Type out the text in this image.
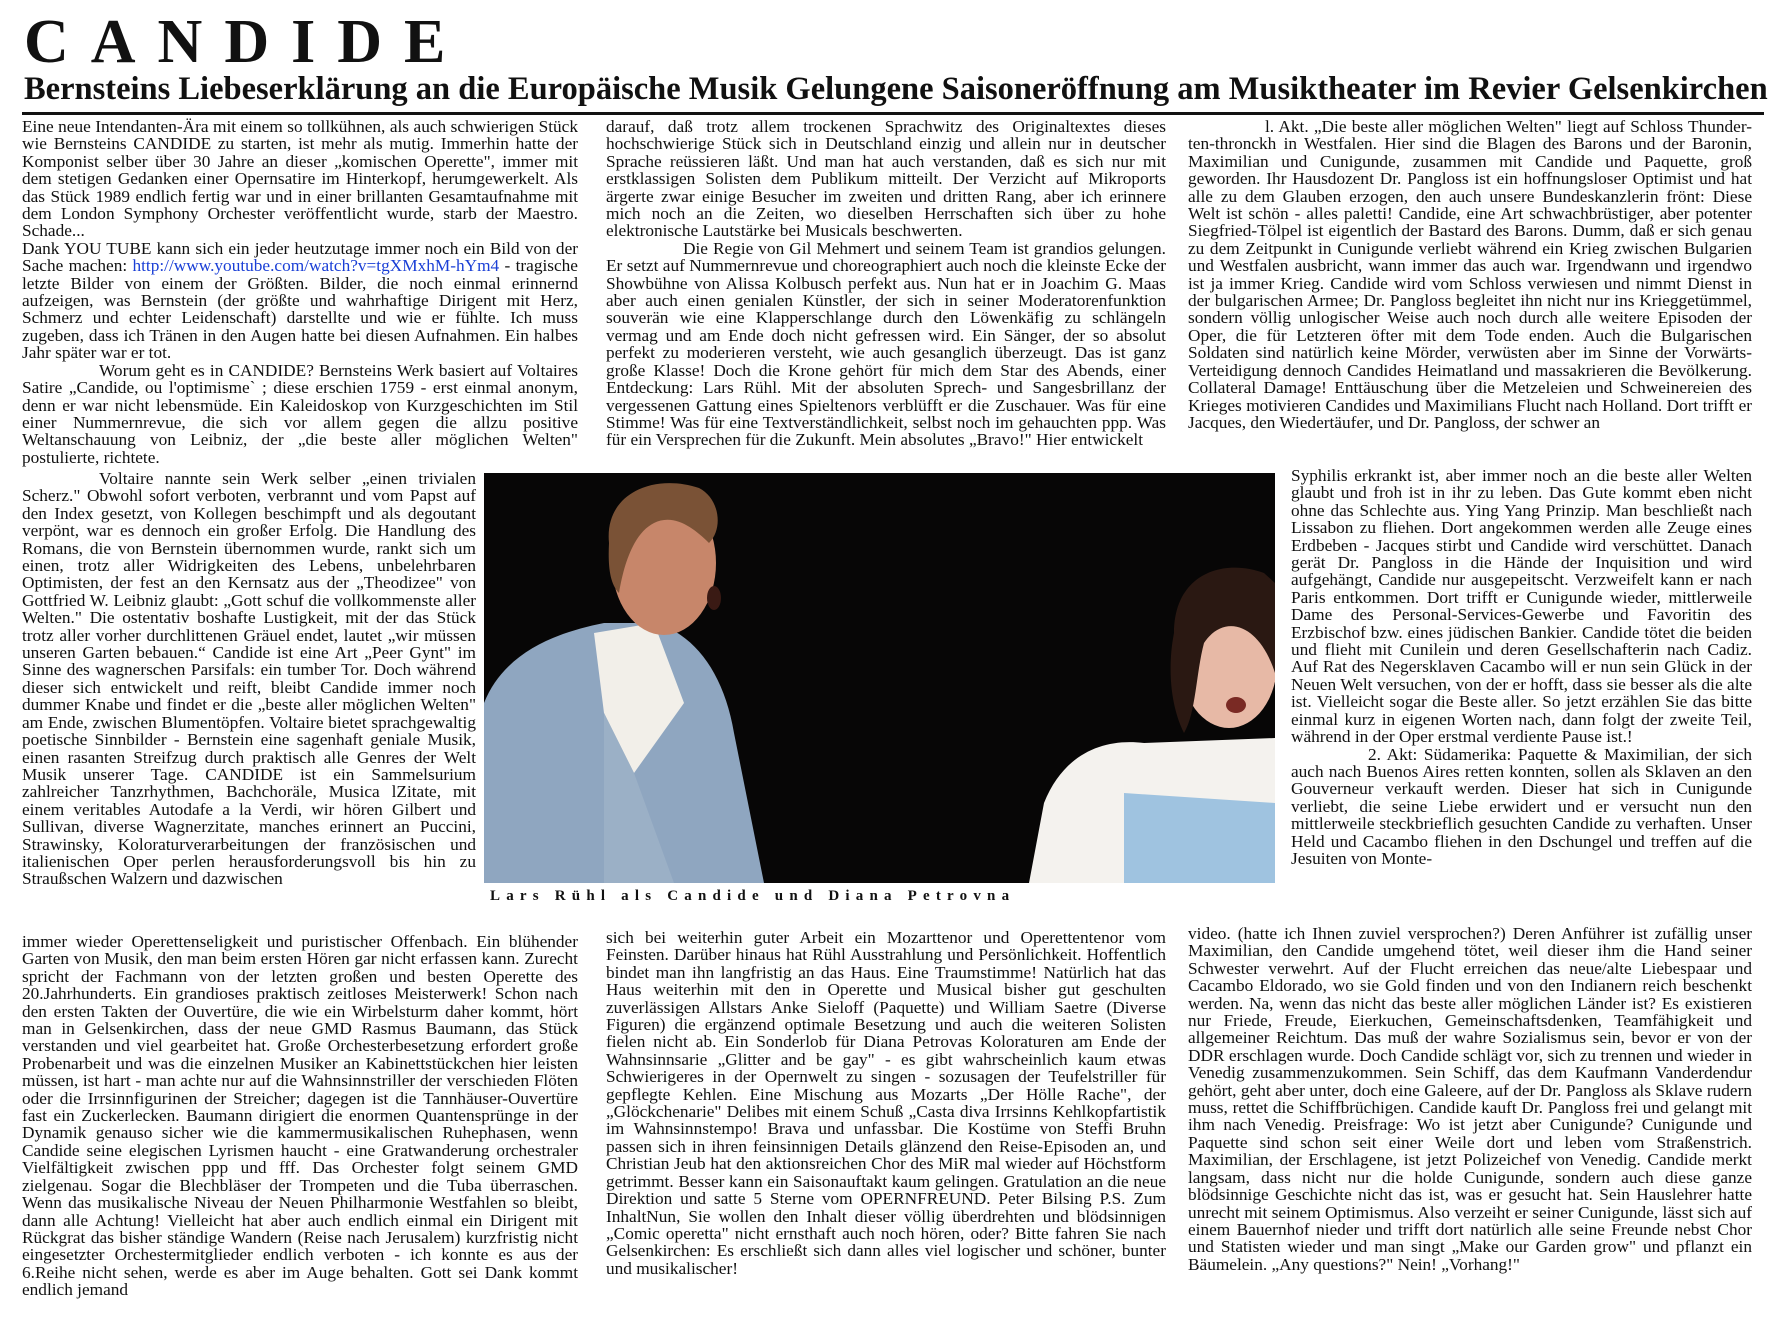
CANDIDE
Bernsteins Liebeserklärung an die Europäische Musik Gelungene Saisoneröffnung am Musiktheater im Revier Gelsenkirchen

Eine neue Intendanten-Ära mit einem so tollkühnen, als auch schwierigen Stück wie Bernsteins CANDIDE zu starten, ist mehr als mutig. Immerhin hatte der Komponist selber über 30 Jahre an dieser „komischen Operette", immer mit dem stetigen Gedanken einer Opernsatire im Hinterkopf, herumgewerkelt. Als das Stück 1989 endlich fertig war und in einer brillanten Gesamtaufnahme mit dem London Symphony Orchester veröffentlicht wurde, starb der Maestro. Schade...

Dank YOU TUBE kann sich ein jeder heutzutage immer noch ein Bild von der Sache machen: http://www.youtube.com/watch?v=tgXMxhM-hYm4 - tragische letzte Bilder von einem der Größten. Bilder, die noch einmal erinnernd aufzeigen, was Bernstein (der größte und wahrhaftige Dirigent mit Herz, Schmerz und echter Leidenschaft) darstellte und wie er fühlte. Ich muss zugeben, dass ich Tränen in den Augen hatte bei diesen Aufnahmen. Ein halbes Jahr später war er tot.

Worum geht es in CANDIDE? Bernsteins Werk basiert auf Voltaires Satire „Candide, ou l'optimisme` ; diese erschien 1759 - erst einmal anonym, denn er war nicht lebensmüde. Ein Kaleidoskop von Kurzgeschichten im Stil einer Nummernrevue, die sich vor allem gegen die allzu positive Weltanschauung von Leibniz, der „die beste aller möglichen Welten" postulierte, richtete.

Voltaire nannte sein Werk selber „einen trivialen Scherz." Obwohl sofort verboten, verbrannt und vom Papst auf den Index gesetzt, von Kollegen beschimpft und als degoutant verpönt, war es dennoch ein großer Erfolg. Die Handlung des Romans, die von Bernstein übernommen wurde, rankt sich um einen, trotz aller Widrigkeiten des Lebens, unbelehrbaren Optimisten, der fest an den Kernsatz aus der „Theodizee" von Gottfried W. Leibniz glaubt: „Gott schuf die vollkommenste aller Welten." Die ostentativ boshafte Lustigkeit, mit der das Stück trotz aller vorher durchlittenen Gräuel endet, lautet „wir müssen unseren Garten bebauen.“ Candide ist eine Art „Peer Gynt" im Sinne des wagnerschen Parsifals: ein tumber Tor. Doch während dieser sich entwickelt und reift, bleibt Candide immer noch dummer Knabe und findet er die „beste aller möglichen Welten" am Ende, zwischen Blumentöpfen. Voltaire bietet sprachgewaltig poetische Sinnbilder - Bernstein eine sagenhaft geniale Musik, einen rasanten Streifzug durch praktisch alle Genres der Welt Musik unserer Tage. CANDIDE ist ein Sammelsurium zahlreicher Tanzrhythmen, Bachchoräle, Musica lZitate, mit einem veritables Autodafe a la Verdi, wir hören Gilbert und Sullivan, diverse Wagnerzitate, manches erinnert an Puccini, Strawinsky, Koloraturverarbeitungen der französischen und italienischen Oper perlen herausforderungsvoll bis hin zu Straußschen Walzern und dazwischen

immer wieder Operettenseligkeit und puristischer Offenbach. Ein blühender Garten von Musik, den man beim ersten Hören gar nicht erfassen kann. Zurecht spricht der Fachmann von der letzten großen und besten Operette des 20.Jahrhunderts. Ein grandioses praktisch zeitloses Meisterwerk! Schon nach den ersten Takten der Ouvertüre, die wie ein Wirbelsturm daher kommt, hört man in Gelsenkirchen, dass der neue GMD Rasmus Baumann, das Stück verstanden und viel gearbeitet hat. Große Orchesterbesetzung erfordert große Probenarbeit und was die einzelnen Musiker an Kabinettstückchen hier leisten müssen, ist hart - man achte nur auf die Wahnsinnstriller der verschieden Flöten oder die Irrsinnfigurinen der Streicher; dagegen ist die Tannhäuser-Ouvertüre fast ein Zuckerlecken. Baumann dirigiert die enormen Quantensprünge in der Dynamik genauso sicher wie die kammermusikalischen Ruhephasen, wenn Candide seine elegischen Lyrismen haucht - eine Gratwanderung orchestraler Vielfältigkeit zwischen ppp und fff. Das Orchester folgt seinem GMD zielgenau. Sogar die Blechbläser der Trompeten und die Tuba überraschen. Wenn das musikalische Niveau der Neuen Philharmonie Westfahlen so bleibt, dann alle Achtung! Vielleicht hat aber auch endlich einmal ein Dirigent mit Rückgrat das bisher ständige Wandern (Reise nach Jerusalem) kurzfristig nicht eingesetzter Orchestermitglieder endlich verboten - ich konnte es aus der 6.Reihe nicht sehen, werde es aber im Auge behalten. Gott sei Dank kommt endlich jemand

darauf, daß trotz allem trockenen Sprachwitz des Originaltextes dieses hochschwierige Stück sich in Deutschland einzig und allein nur in deutscher Sprache reüssieren läßt. Und man hat auch verstanden, daß es sich nur mit erstklassigen Solisten dem Publikum mitteilt. Der Verzicht auf Mikroports ärgerte zwar einige Besucher im zweiten und dritten Rang, aber ich erinnere mich noch an die Zeiten, wo dieselben Herrschaften sich über zu hohe elektronische Lautstärke bei Musicals beschwerten.

Die Regie von Gil Mehmert und seinem Team ist grandios gelungen. Er setzt auf Nummernrevue und choreographiert auch noch die kleinste Ecke der Showbühne von Alissa Kolbusch perfekt aus. Nun hat er in Joachim G. Maas aber auch einen genialen Künstler, der sich in seiner Moderatorenfunktion souverän wie eine Klapperschlange durch den Löwenkäfig zu schlängeln vermag und am Ende doch nicht gefressen wird. Ein Sänger, der so absolut perfekt zu moderieren versteht, wie auch gesanglich überzeugt. Das ist ganz große Klasse! Doch die Krone gehört für mich dem Star des Abends, einer Entdeckung: Lars Rühl. Mit der absoluten Sprech- und Sangesbrillanz der vergessenen Gattung eines Spieltenors verblüfft er die Zuschauer. Was für eine Stimme! Was für eine Textverständlichkeit, selbst noch im gehauchten ppp. Was für ein Versprechen für die Zukunft. Mein absolutes „Bravo!" Hier entwickelt

sich bei weiterhin guter Arbeit ein Mozarttenor und Operettentenor vom Feinsten. Darüber hinaus hat Rühl Ausstrahlung und Persönlichkeit. Hoffentlich bindet man ihn langfristig an das Haus. Eine Traumstimme! Natürlich hat das Haus weiterhin mit den in Operette und Musical bisher gut geschulten zuverlässigen Allstars Anke Sieloff (Paquette) und William Saetre (Diverse Figuren) die ergänzend optimale Besetzung und auch die weiteren Solisten fielen nicht ab. Ein Sonderlob für Diana Petrovas Koloraturen am Ende der Wahnsinnsarie „Glitter and be gay" - es gibt wahrscheinlich kaum etwas Schwierigeres in der Opernwelt zu singen - sozusagen der Teufelstriller für gepflegte Kehlen. Eine Mischung aus Mozarts „Der Hölle Rache", der „Glöckchenarie" Delibes mit einem Schuß „Casta diva Irrsinns Kehlkopfartistik im Wahnsinnstempo! Brava und unfassbar. Die Kostüme von Steffi Bruhn passen sich in ihren feinsinnigen Details glänzend den Reise-Episoden an, und Christian Jeub hat den aktionsreichen Chor des MiR mal wieder auf Höchstform getrimmt. Besser kann ein Saisonauftakt kaum gelingen. Gratulation an die neue Direktion und satte 5 Sterne vom OPERNFREUND. Peter Bilsing P.S. Zum InhaltNun, Sie wollen den Inhalt dieser völlig überdrehten und blödsinnigen „Comic operetta" nicht ernsthaft auch noch hören, oder? Bitte fahren Sie nach Gelsenkirchen: Es erschließt sich dann alles viel logischer und schöner, bunter und musikalischer!

l. Akt. „Die beste aller möglichen Welten" liegt auf Schloss Thunder-ten-thronckh in Westfalen. Hier sind die Blagen des Barons und der Baronin, Maximilian und Cunigunde, zusammen mit Candide und Paquette, groß geworden. Ihr Hausdozent Dr. Pangloss ist ein hoffnungsloser Optimist und hat alle zu dem Glauben erzogen, den auch unsere Bundeskanzlerin frönt: Diese Welt ist schön - alles paletti! Candide, eine Art schwachbrüstiger, aber potenter Siegfried-Tölpel ist eigentlich der Bastard des Barons. Dumm, daß er sich genau zu dem Zeitpunkt in Cunigunde verliebt während ein Krieg zwischen Bulgarien und Westfalen ausbricht, wann immer das auch war. Irgendwann und irgendwo ist ja immer Krieg. Candide wird vom Schloss verwiesen und nimmt Dienst in der bulgarischen Armee; Dr. Pangloss begleitet ihn nicht nur ins Krieggetümmel, sondern völlig unlogischer Weise auch noch durch alle weitere Episoden der Oper, die für Letzteren öfter mit dem Tode enden. Auch die Bulgarischen Soldaten sind natürlich keine Mörder, verwüsten aber im Sinne der Vorwärts-Verteidigung dennoch Candides Heimatland und massakrieren die Bevölkerung. Collateral Damage! Enttäuschung über die Metzeleien und Schweinereien des Krieges motivieren Candides und Maximilians Flucht nach Holland. Dort trifft er Jacques, den Wiedertäufer, und Dr. Pangloss, der schwer an

Syphilis erkrankt ist, aber immer noch an die beste aller Welten glaubt und froh ist in ihr zu leben. Das Gute kommt eben nicht ohne das Schlechte aus. Ying Yang Prinzip. Man beschließt nach Lissabon zu fliehen. Dort angekommen werden alle Zeuge eines Erdbeben - Jacques stirbt und Candide wird verschüttet. Danach gerät Dr. Pangloss in die Hände der Inquisition und wird aufgehängt, Candide nur ausgepeitscht. Verzweifelt kann er nach Paris entkommen. Dort trifft er Cunigunde wieder, mittlerweile Dame des Personal-Services-Gewerbe und Favoritin des Erzbischof bzw. eines jüdischen Bankier. Candide tötet die beiden und flieht mit Cunilein und deren Gesellschafterin nach Cadiz. Auf Rat des Negersklaven Cacambo will er nun sein Glück in der Neuen Welt versuchen, von der er hofft, dass sie besser als die alte ist. Vielleicht sogar die Beste aller. So jetzt erzählen Sie das bitte einmal kurz in eigenen Worten nach, dann folgt der zweite Teil, während in der Oper erstmal verdiente Pause ist.!

2. Akt: Südamerika: Paquette & Maximilian, der sich auch nach Buenos Aires retten konnten, sollen als Sklaven an den Gouverneur verkauft werden. Dieser hat sich in Cunigunde verliebt, die seine Liebe erwidert und er versucht nun den mittlerweile steckbrieflich gesuchten Candide zu verhaften. Unser Held und Cacambo fliehen in den Dschungel und treffen auf die Jesuiten von Monte-

video. (hatte ich Ihnen zuviel versprochen?) Deren Anführer ist zufällig unser Maximilian, den Candide umgehend tötet, weil dieser ihm die Hand seiner Schwester verwehrt. Auf der Flucht erreichen das neue/alte Liebespaar und Cacambo Eldorado, wo sie Gold finden und von den Indianern reich beschenkt werden. Na, wenn das nicht das beste aller möglichen Länder ist? Es existieren nur Friede, Freude, Eierkuchen, Gemeinschaftsdenken, Teamfähigkeit und allgemeiner Reichtum. Das muß der wahre Sozialismus sein, bevor er von der DDR erschlagen wurde. Doch Candide schlägt vor, sich zu trennen und wieder in Venedig zusammenzukommen. Sein Schiff, das dem Kaufmann Vanderdendur gehört, geht aber unter, doch eine Galeere, auf der Dr. Pangloss als Sklave rudern muss, rettet die Schiffbrüchigen. Candide kauft Dr. Pangloss frei und gelangt mit ihm nach Venedig. Preisfrage: Wo ist jetzt aber Cunigunde? Cunigunde und Paquette sind schon seit einer Weile dort und leben vom Straßenstrich. Maximilian, der Erschlagene, ist jetzt Polizeichef von Venedig. Candide merkt langsam, dass nicht nur die holde Cunigunde, sondern auch diese ganze blödsinnige Geschichte nicht das ist, was er gesucht hat. Sein Hauslehrer hatte unrecht mit seinem Optimismus. Also verzeiht er seiner Cunigunde, lässt sich auf einem Bauernhof nieder und trifft dort natürlich alle seine Freunde nebst Chor und Statisten wieder und man singt „Make our Garden grow" und pflanzt ein Bäumelein. „Any questions?" Nein! „Vorhang!"

Lars Rühl als Candide und Diana Petrovna
